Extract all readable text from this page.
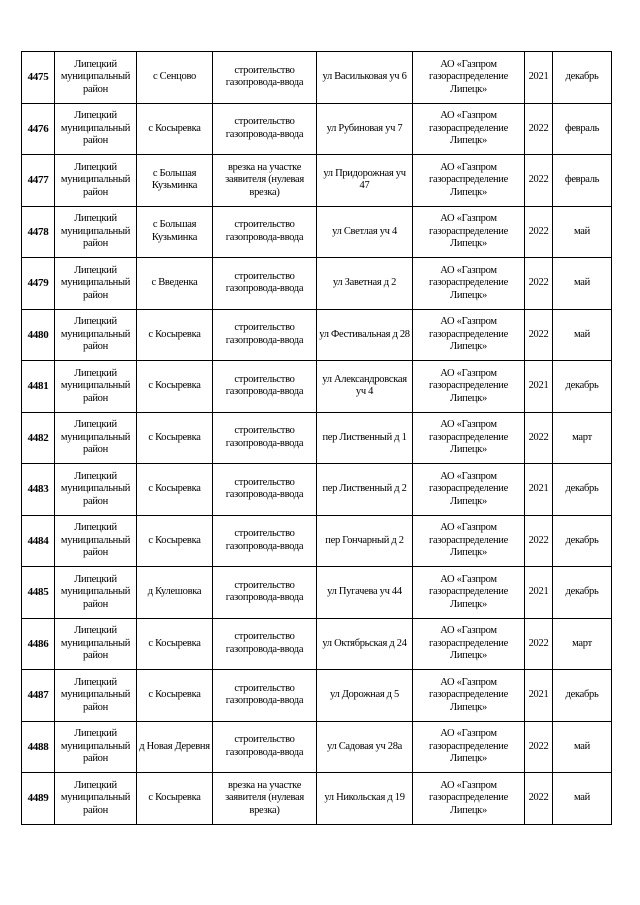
4475	Липецкий муниципальный район	с Сенцово	строительство газопровода-ввода	ул Васильковая уч 6	АО «Газпром газораспределение Липецк»	2021	декабрь
4476	Липецкий муниципальный район	с Косыревка	строительство газопровода-ввода	ул Рубиновая уч 7	АО «Газпром газораспределение Липецк»	2022	февраль
4477	Липецкий муниципальный район	с Большая Кузьминка	врезка на участке заявителя (нулевая врезка)	ул Придорожная уч 47	АО «Газпром газораспределение Липецк»	2022	февраль
4478	Липецкий муниципальный район	с Большая Кузьминка	строительство газопровода-ввода	ул Светлая уч 4	АО «Газпром газораспределение Липецк»	2022	май
4479	Липецкий муниципальный район	с Введенка	строительство газопровода-ввода	ул Заветная д 2	АО «Газпром газораспределение Липецк»	2022	май
4480	Липецкий муниципальный район	с Косыревка	строительство газопровода-ввода	ул Фестивальная д 28	АО «Газпром газораспределение Липецк»	2022	май
4481	Липецкий муниципальный район	с Косыревка	строительство газопровода-ввода	ул Александровская уч 4	АО «Газпром газораспределение Липецк»	2021	декабрь
4482	Липецкий муниципальный район	с Косыревка	строительство газопровода-ввода	пер Лиственный д 1	АО «Газпром газораспределение Липецк»	2022	март
4483	Липецкий муниципальный район	с Косыревка	строительство газопровода-ввода	пер Лиственный д 2	АО «Газпром газораспределение Липецк»	2021	декабрь
4484	Липецкий муниципальный район	с Косыревка	строительство газопровода-ввода	пер Гончарный д 2	АО «Газпром газораспределение Липецк»	2022	декабрь
4485	Липецкий муниципальный район	д Кулешовка	строительство газопровода-ввода	ул Пугачева уч 44	АО «Газпром газораспределение Липецк»	2021	декабрь
4486	Липецкий муниципальный район	с Косыревка	строительство газопровода-ввода	ул Октябрьская д 24	АО «Газпром газораспределение Липецк»	2022	март
4487	Липецкий муниципальный район	с Косыревка	строительство газопровода-ввода	ул Дорожная д 5	АО «Газпром газораспределение Липецк»	2021	декабрь
4488	Липецкий муниципальный район	д Новая Деревня	строительство газопровода-ввода	ул Садовая уч 28а	АО «Газпром газораспределение Липецк»	2022	май
4489	Липецкий муниципальный район	с Косыревка	врезка на участке заявителя (нулевая врезка)	ул Никольская д 19	АО «Газпром газораспределение Липецк»	2022	май
